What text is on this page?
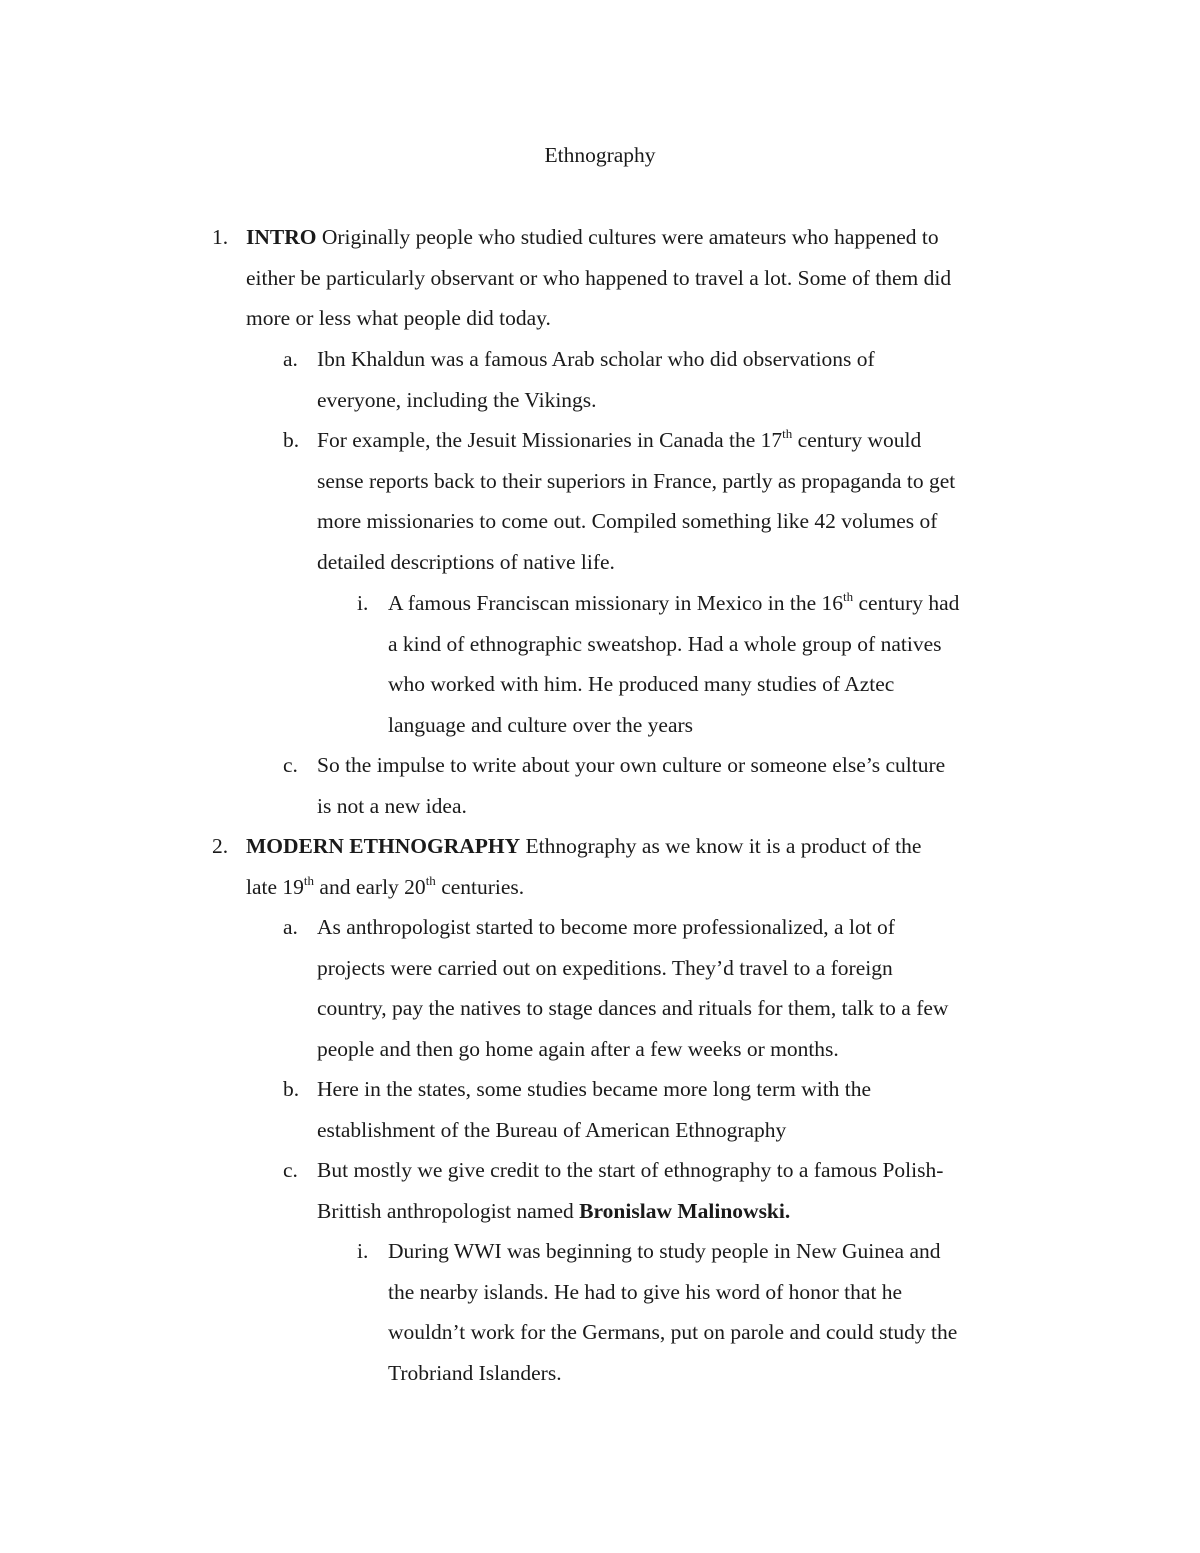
Ethnography
1. INTRO Originally people who studied cultures were amateurs who happened to
either be particularly observant or who happened to travel a lot. Some of them did
more or less what people did today.
a. Ibn Khaldun was a famous Arab scholar who did observations of
everyone, including the Vikings.
b. For example, the Jesuit Missionaries in Canada the 17th century would
sense reports back to their superiors in France, partly as propaganda to get
more missionaries to come out. Compiled something like 42 volumes of
detailed descriptions of native life.
i. A famous Franciscan missionary in Mexico in the 16th century had
a kind of ethnographic sweatshop. Had a whole group of natives
who worked with him. He produced many studies of Aztec
language and culture over the years
c. So the impulse to write about your own culture or someone else’s culture
is not a new idea.
2. MODERN ETHNOGRAPHY Ethnography as we know it is a product of the
late 19th and early 20th centuries.
a. As anthropologist started to become more professionalized, a lot of
projects were carried out on expeditions. They’d travel to a foreign
country, pay the natives to stage dances and rituals for them, talk to a few
people and then go home again after a few weeks or months.
b. Here in the states, some studies became more long term with the
establishment of the Bureau of American Ethnography
c. But mostly we give credit to the start of ethnography to a famous Polish-
Brittish anthropologist named Bronislaw Malinowski.
i. During WWI was beginning to study people in New Guinea and
the nearby islands. He had to give his word of honor that he
wouldn’t work for the Germans, put on parole and could study the
Trobriand Islanders.
